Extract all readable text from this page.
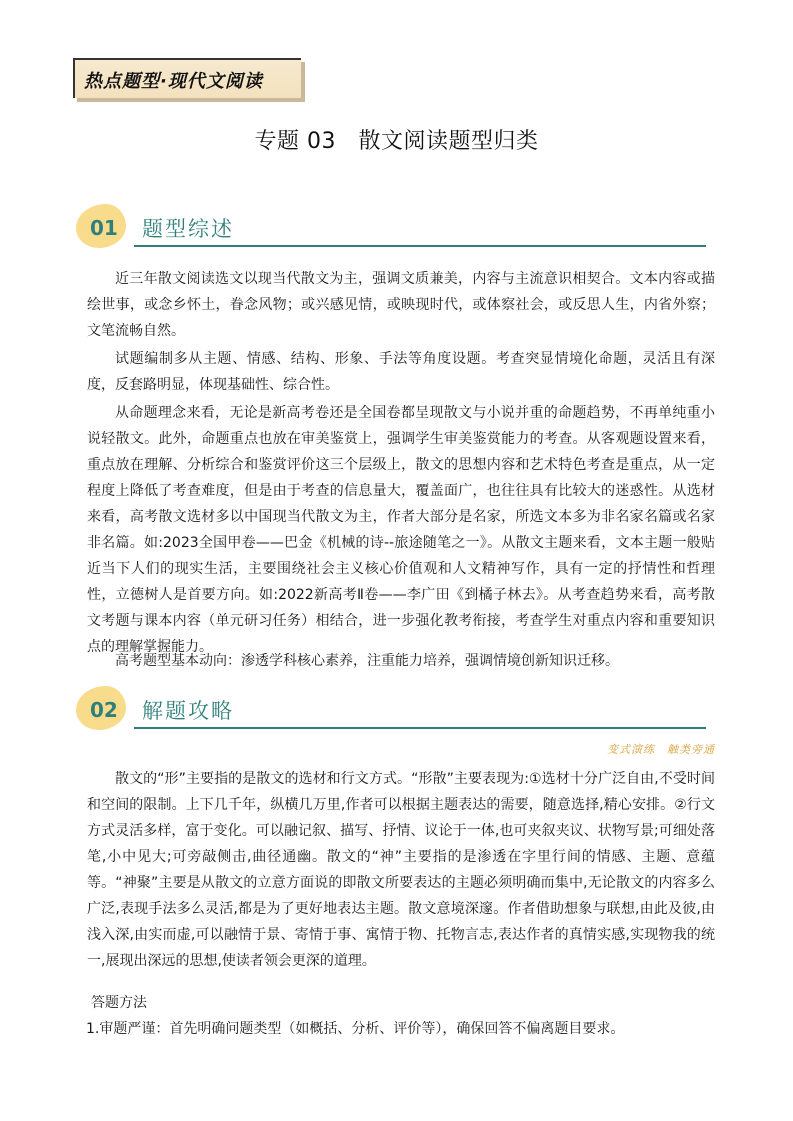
热点题型·现代文阅读
专题 03　散文阅读题型归类
01 题型综述

近三年散文阅读选文以现当代散文为主，强调文质兼美，内容与主流意识相契合。文本内容或描绘世事，或念乡怀土，眷念风物；或兴感见情，或映现时代，或体察社会，或反思人生，内省外察；文笔流畅自然。

试题编制多从主题、情感、结构、形象、手法等角度设题。考查突显情境化命题，灵活且有深度，反套路明显，体现基础性、综合性。

从命题理念来看，无论是新高考卷还是全国卷都呈现散文与小说并重的命题趋势，不再单纯重小说轻散文。此外，命题重点也放在审美鉴赏上，强调学生审美鉴赏能力的考查。从客观题设置来看，重点放在理解、分析综合和鉴赏评价这三个层级上，散文的思想内容和艺术特色考查是重点，从一定程度上降低了考查难度，但是由于考查的信息量大，覆盖面广，也往往具有比较大的迷惑性。从选材来看，高考散文选材多以中国现当代散文为主，作者大部分是名家，所选文本多为非名家名篇或名家非名篇。如:2023全国甲卷——巴金《机械的诗--旅途随笔之一》。从散文主题来看，文本主题一般贴近当下人们的现实生活，主要围绕社会主义核心价值观和人文精神写作，具有一定的抒情性和哲理性，立德树人是首要方向。如:2022新高考Ⅱ卷——李广田《到橘子林去》。从考查趋势来看，高考散文考题与课本内容（单元研习任务）相结合，进一步强化教考衔接，考查学生对重点内容和重要知识点的理解掌握能力。

高考题型基本动向：渗透学科核心素养，注重能力培养，强调情境创新知识迁移。

02 解题攻略
变式演练　触类旁通

散文的“形”主要指的是散文的选材和行文方式。“形散”主要表现为:①选材十分广泛自由,不受时间和空间的限制。上下几千年，纵横几万里,作者可以根据主题表达的需要，随意选择,精心安排。②行文方式灵活多样，富于变化。可以融记叙、描写、抒情、议论于一体,也可夹叙夹议、状物写景;可细处落笔,小中见大;可旁敲侧击,曲径通幽。散文的“神”主要指的是渗透在字里行间的情感、主题、意蕴等。“神聚”主要是从散文的立意方面说的即散文所要表达的主题必须明确而集中,无论散文的内容多么广泛,表现手法多么灵活,都是为了更好地表达主题。散文意境深邃。作者借助想象与联想,由此及彼,由浅入深,由实而虚,可以融情于景、寄情于事、寓情于物、托物言志,表达作者的真情实感,实现物我的统一,展现出深远的思想,使读者领会更深的道理。

答题方法

1.审题严谨：首先明确问题类型（如概括、分析、评价等），确保回答不偏离题目要求。
